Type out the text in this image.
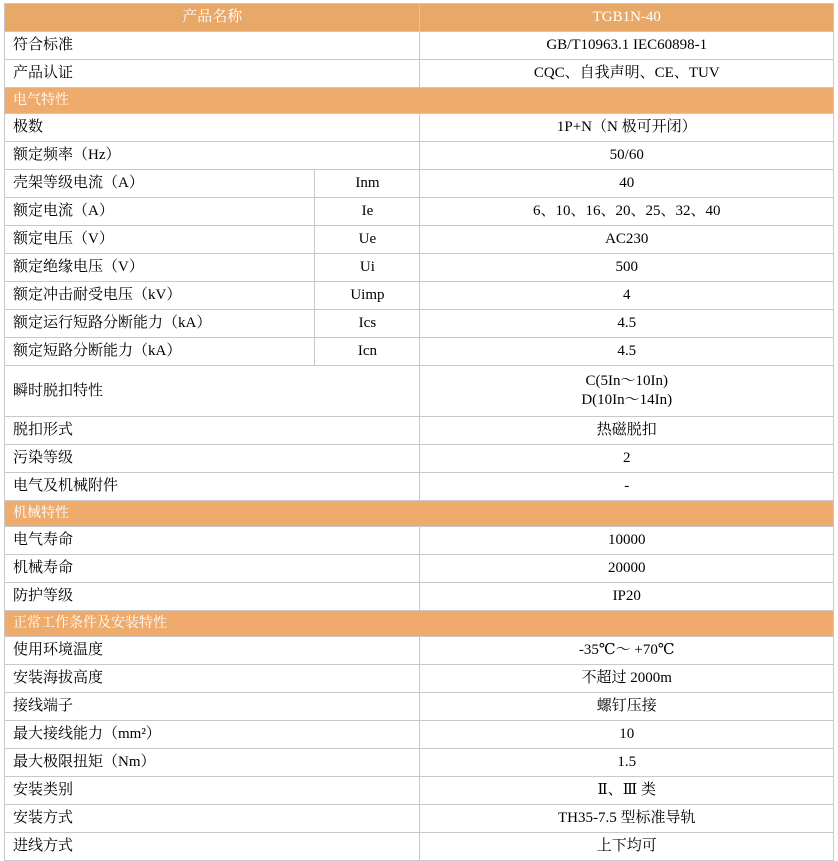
产品名称		TGB1N-40
符合标准		GB/T10963.1 IEC60898-1
产品认证		CQC、自我声明、CE、TUV
电气特性		
极数		1P+N（N 极可开闭）
额定频率（Hz）		50/60
壳架等级电流（A）	Inm	40
额定电流（A）	Ie	6、10、16、20、25、32、40
额定电压（V）	Ue	AC230
额定绝缘电压（V）	Ui	500
额定冲击耐受电压（kV）	Uimp	4
额定运行短路分断能力（kA）	Ics	4.5
额定短路分断能力（kA）	Icn	4.5
瞬时脱扣特性		C(5In～10In)
D(10In～14In)

脱扣形式		热磁脱扣
污染等级		2
电气及机械附件		-
机械特性		
电气寿命		10000
机械寿命		20000
防护等级		IP20
正常工作条件及安装特性		
使用环境温度		-35℃～ +70℃
安装海拔高度		不超过 2000m
接线端子		螺钉压接
最大接线能力（mm²）		10
最大极限扭矩（Nm）		1.5
安装类别		Ⅱ、Ⅲ 类
安装方式		TH35-7.5 型标准导轨
进线方式		上下均可
